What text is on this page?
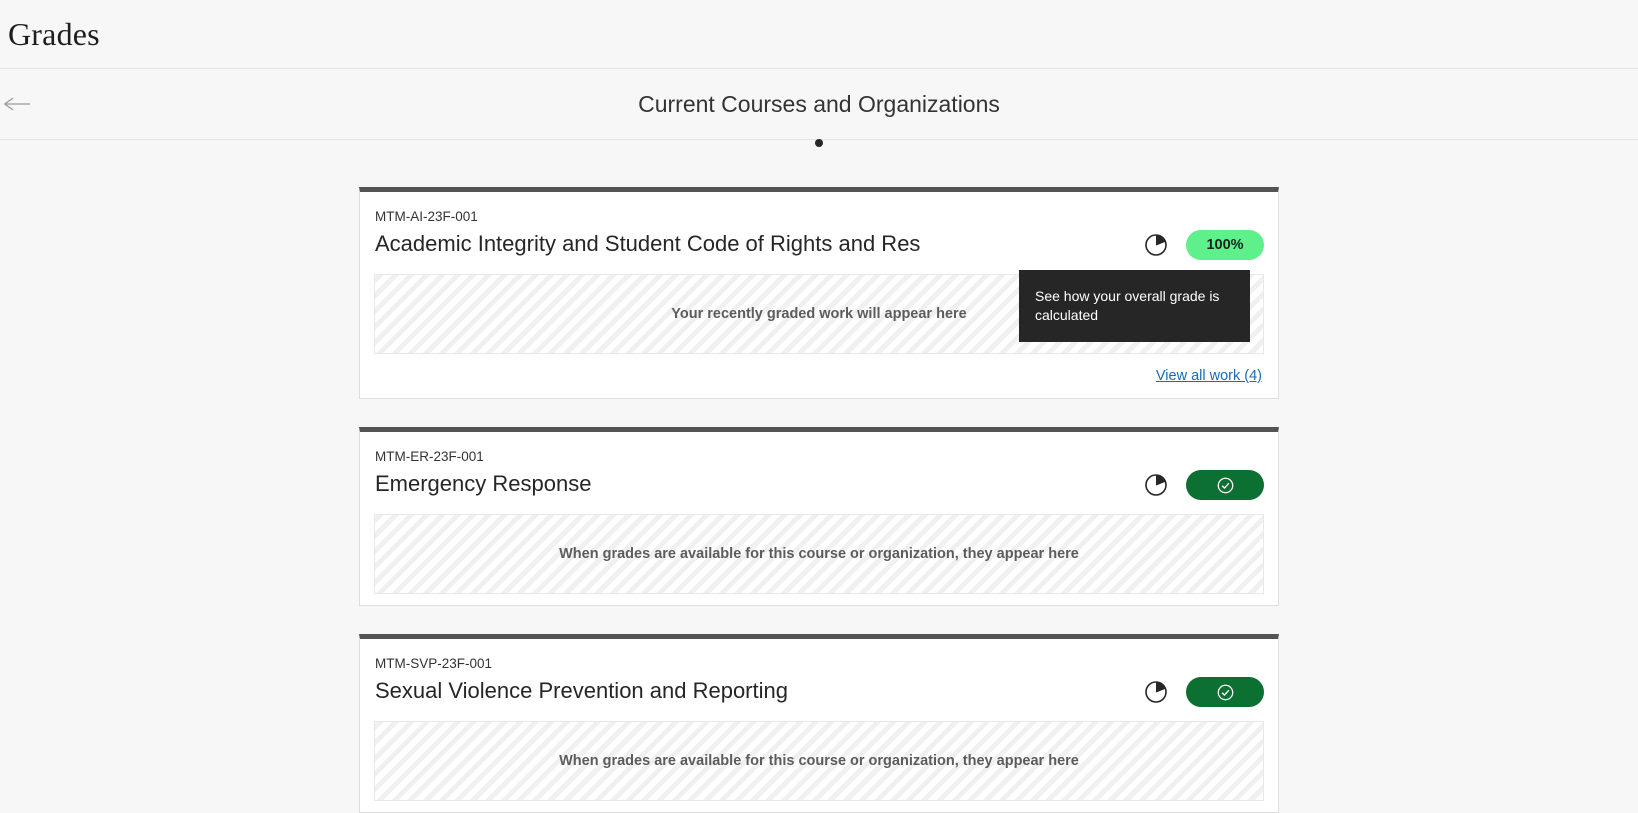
Grades
Current Courses and Organizations
MTM-AI-23F-001
Academic Integrity and Student Code of Rights and Res	100%
Your recently graded work will appear here
View all work (4)
MTM-ER-23F-001
Emergency Response
When grades are available for this course or organization, they appear here
MTM-SVP-23F-001
Sexual Violence Prevention and Reporting
When grades are available for this course or organization, they appear here
See how your overall grade is calculated
